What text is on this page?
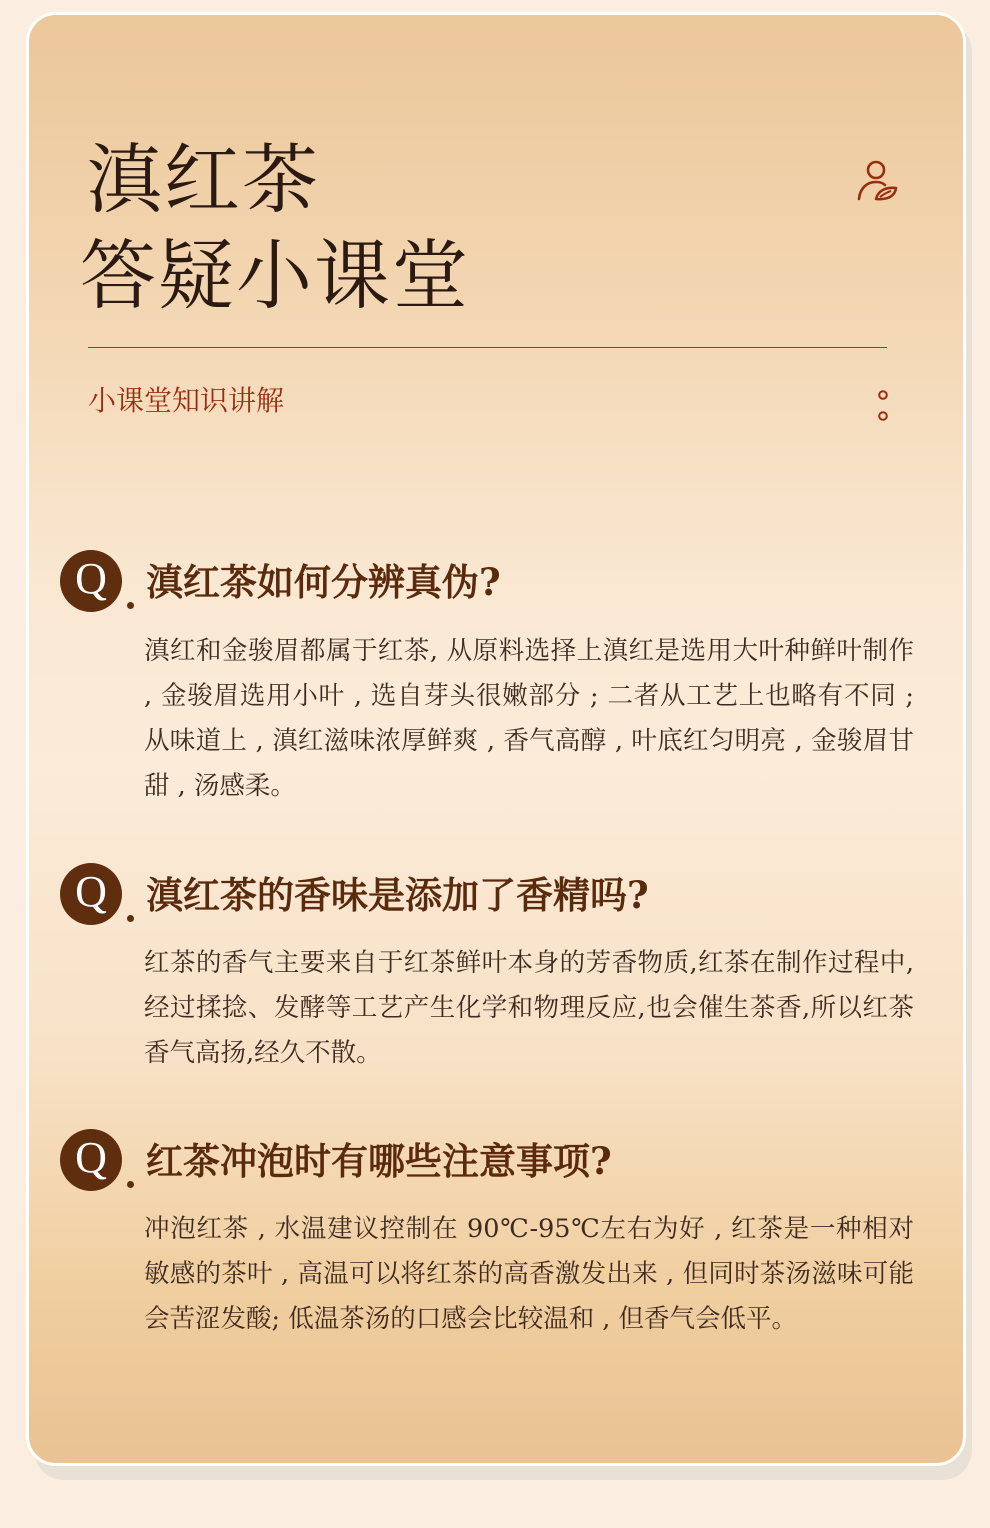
滇红茶
答疑小课堂
小课堂知识讲解
Q	滇红茶如何分辨真伪?

滇红和金骏眉都属于红茶, 从原料选择上滇红是选用大叶种鲜叶制作 , 金骏眉选用小叶 , 选自芽头很嫩部分 ; 二者从工艺上也略有不同 ; 从味道上 , 滇红滋味浓厚鲜爽 , 香气高醇 , 叶底红匀明亮 , 金骏眉甘甜 , 汤感柔。

Q	滇红茶的香味是添加了香精吗?

红茶的香气主要来自于红茶鲜叶本身的芳香物质,红茶在制作过程中,经过揉捻、发酵等工艺产生化学和物理反应,也会催生茶香,所以红茶香气高扬,经久不散。

Q	红茶冲泡时有哪些注意事项?

冲泡红茶 , 水温建议控制在 90℃-95℃左右为好 , 红茶是一种相对敏感的茶叶 , 高温可以将红茶的高香激发出来 , 但同时茶汤滋味可能会苦涩发酸; 低温茶汤的口感会比较温和 , 但香气会低平。
